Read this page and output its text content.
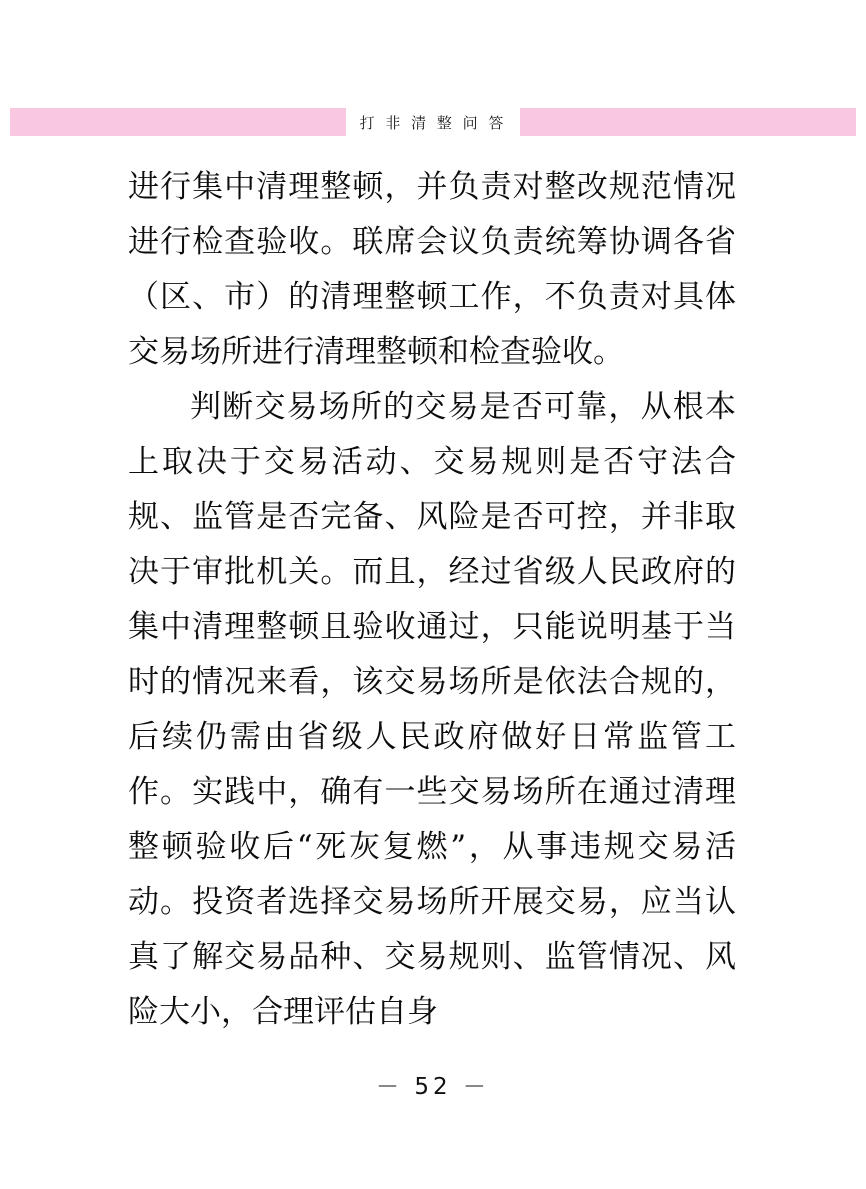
打 非 清 整 问 答

进行集中清理整顿，并负责对整改规范情况进行检查验收。联席会议负责统筹协调各省（区、市）的清理整顿工作，不负责对具体交易场所进行清理整顿和检查验收。

判断交易场所的交易是否可靠，从根本上取决于交易活动、交易规则是否守法合规、监管是否完备、风险是否可控，并非取决于审批机关。而且，经过省级人民政府的集中清理整顿且验收通过，只能说明基于当时的情况来看，该交易场所是依法合规的，后续仍需由省级人民政府做好日常监管工作。实践中，确有一些交易场所在通过清理整顿验收后“死灰复燃”，从事违规交易活动。投资者选择交易场所开展交易，应当认真了解交易品种、交易规则、监管情况、风险大小，合理评估自身

－ 52 －
